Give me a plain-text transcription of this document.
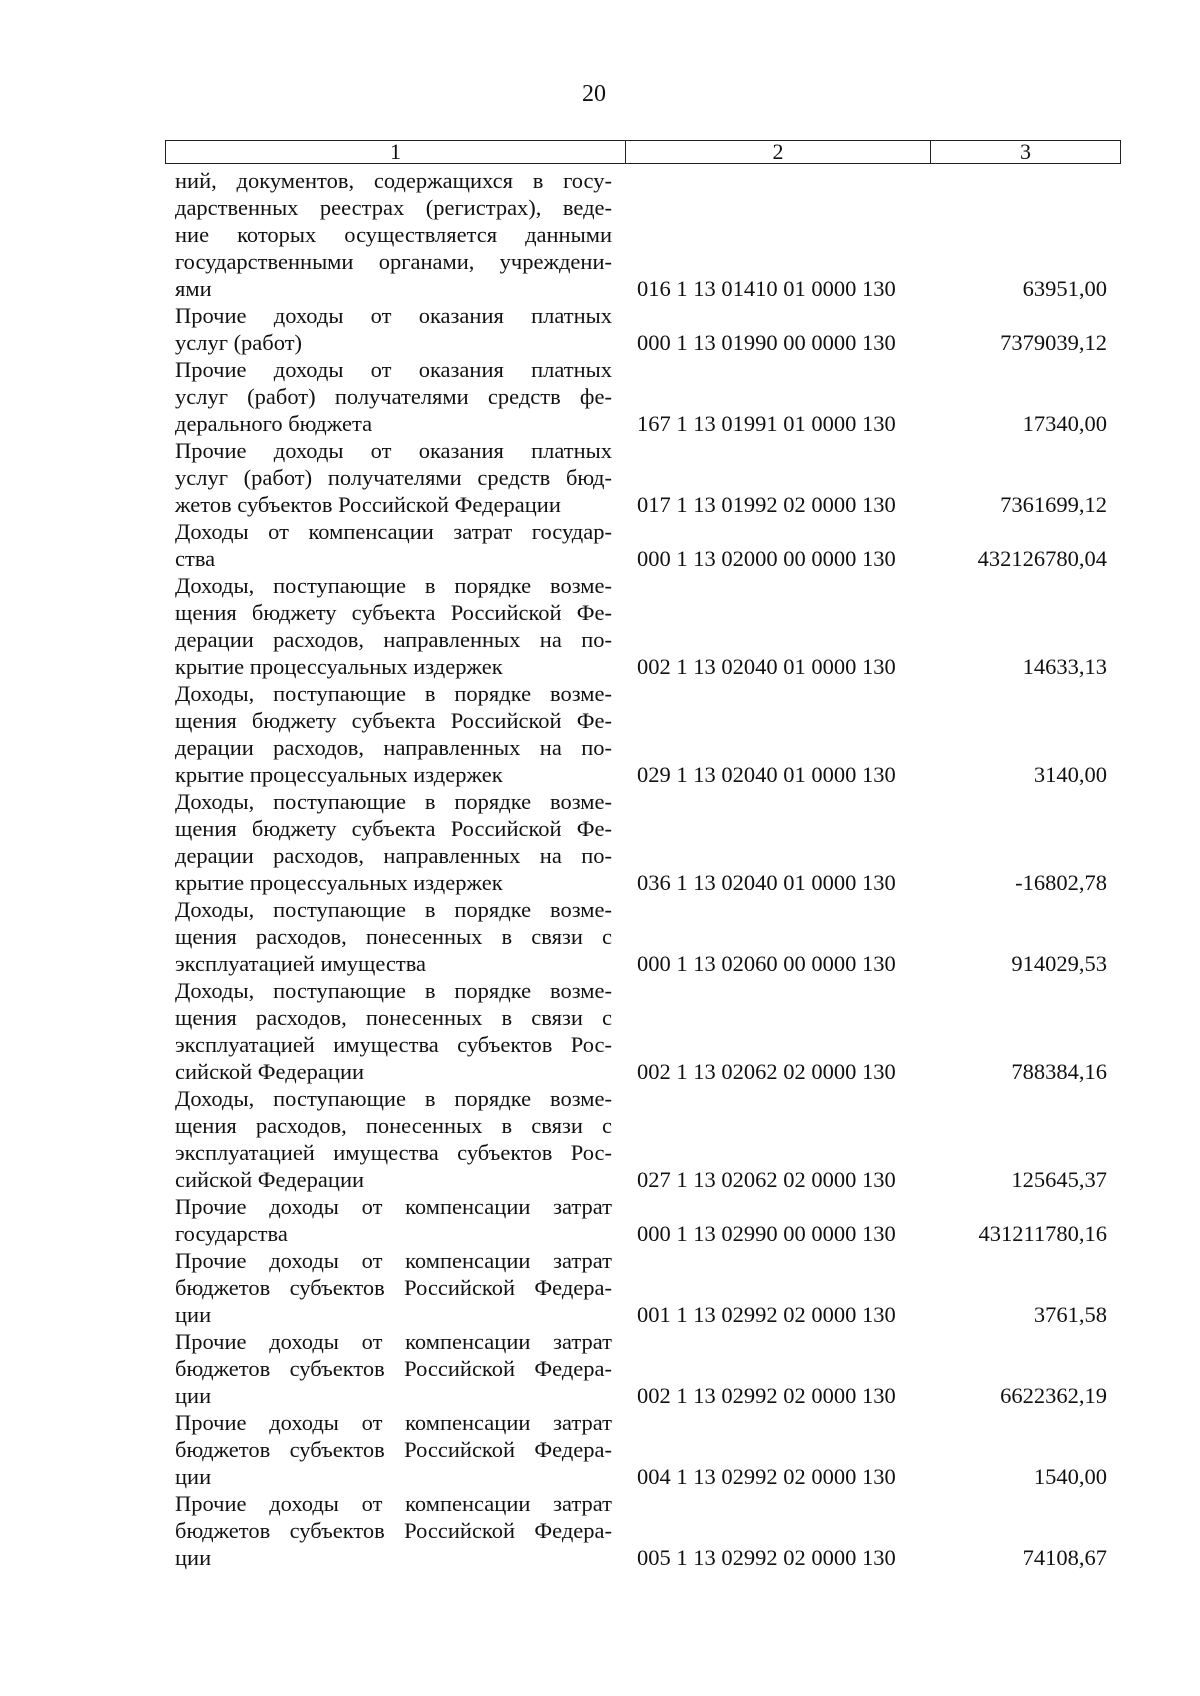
20
1	2	3
ний, документов, содержащихся в госу-
дарственных реестрах (регистрах), веде-
ние которых осуществляется данными
государственными органами, учреждени-
ями	016 1 13 01410 01 0000 130	63951,00
Прочие доходы от оказания платных
услуг (работ)	000 1 13 01990 00 0000 130	7379039,12
Прочие доходы от оказания платных
услуг (работ) получателями средств фе-
дерального бюджета	167 1 13 01991 01 0000 130	17340,00
Прочие доходы от оказания платных
услуг (работ) получателями средств бюд-
жетов субъектов Российской Федерации	017 1 13 01992 02 0000 130	7361699,12
Доходы от компенсации затрат государ-
ства	000 1 13 02000 00 0000 130	432126780,04
Доходы, поступающие в порядке возме-
щения бюджету субъекта Российской Фе-
дерации расходов, направленных на по-
крытие процессуальных издержек	002 1 13 02040 01 0000 130	14633,13
Доходы, поступающие в порядке возме-
щения бюджету субъекта Российской Фе-
дерации расходов, направленных на по-
крытие процессуальных издержек	029 1 13 02040 01 0000 130	3140,00
Доходы, поступающие в порядке возме-
щения бюджету субъекта Российской Фе-
дерации расходов, направленных на по-
крытие процессуальных издержек	036 1 13 02040 01 0000 130	-16802,78
Доходы, поступающие в порядке возме-
щения расходов, понесенных в связи с
эксплуатацией имущества	000 1 13 02060 00 0000 130	914029,53
Доходы, поступающие в порядке возме-
щения расходов, понесенных в связи с
эксплуатацией имущества субъектов Рос-
сийской Федерации	002 1 13 02062 02 0000 130	788384,16
Доходы, поступающие в порядке возме-
щения расходов, понесенных в связи с
эксплуатацией имущества субъектов Рос-
сийской Федерации	027 1 13 02062 02 0000 130	125645,37
Прочие доходы от компенсации затрат
государства	000 1 13 02990 00 0000 130	431211780,16
Прочие доходы от компенсации затрат
бюджетов субъектов Российской Федера-
ции	001 1 13 02992 02 0000 130	3761,58
Прочие доходы от компенсации затрат
бюджетов субъектов Российской Федера-
ции	002 1 13 02992 02 0000 130	6622362,19
Прочие доходы от компенсации затрат
бюджетов субъектов Российской Федера-
ции	004 1 13 02992 02 0000 130	1540,00
Прочие доходы от компенсации затрат
бюджетов субъектов Российской Федера-
ции	005 1 13 02992 02 0000 130	74108,67
